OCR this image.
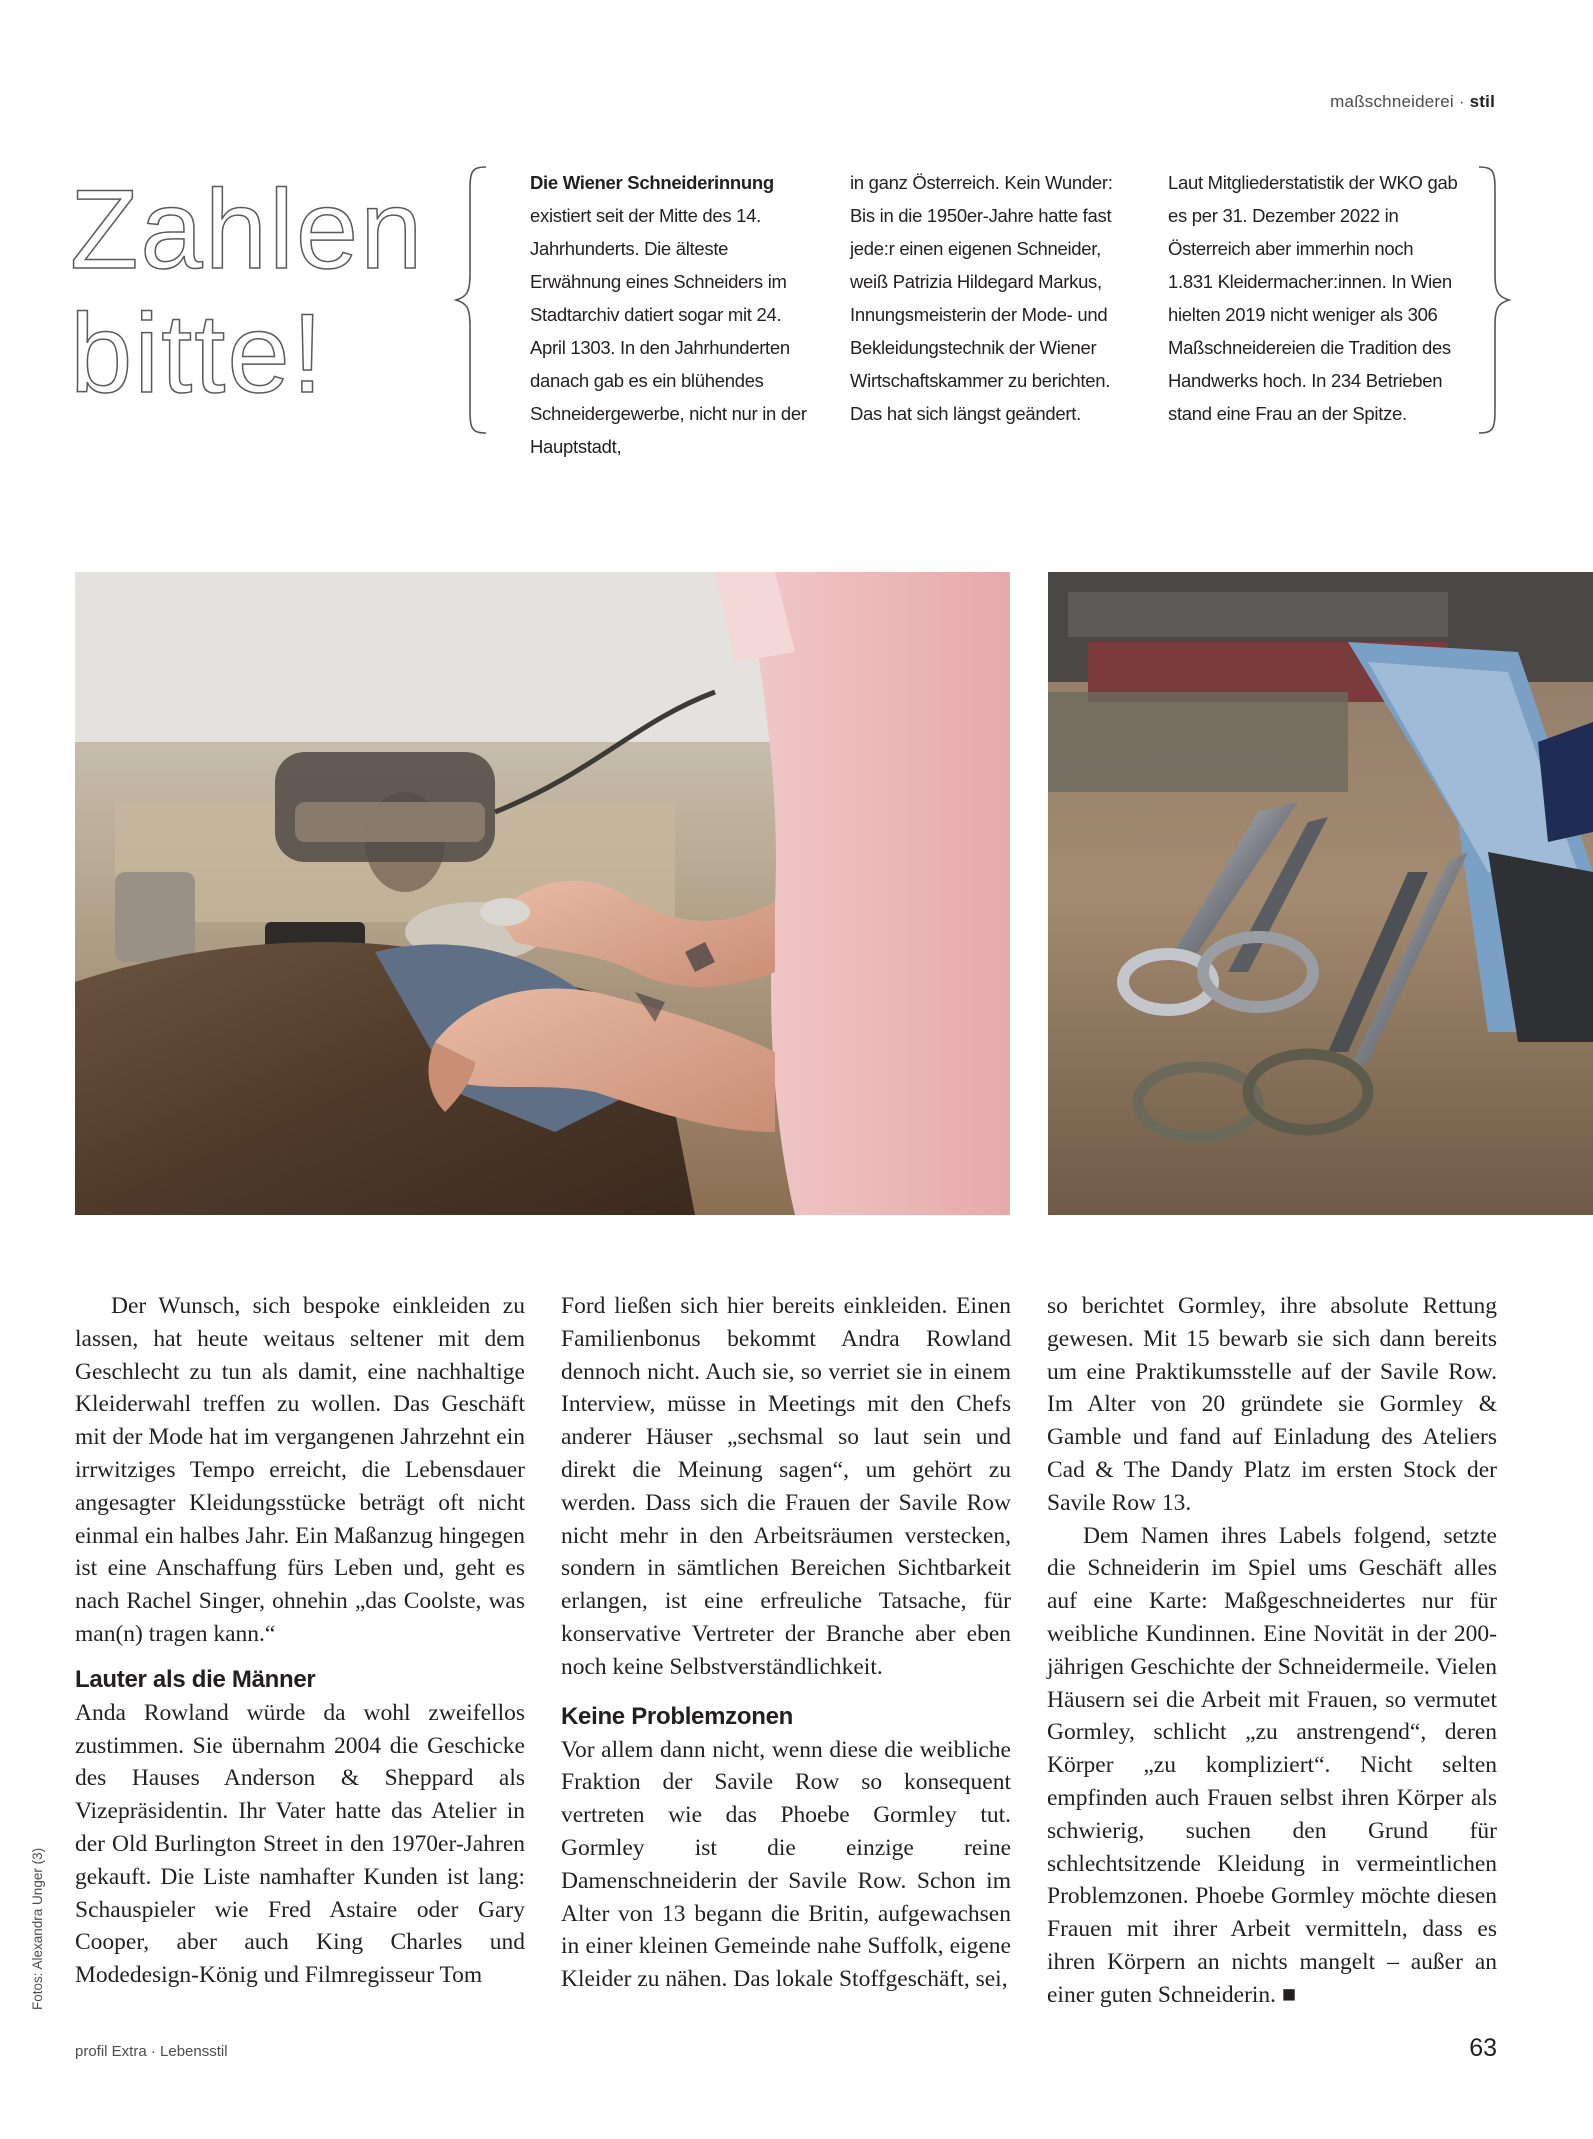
maßschneiderei · stil
Zahlen
bitte!
Die Wiener Schneiderinnung
existiert seit der Mitte des 14. Jahrhunderts. Die älteste Erwähnung eines Schneiders im Stadtarchiv datiert sogar mit 24. April 1303. In den Jahrhunderten danach gab es ein blühendes Schneidergewerbe, nicht nur in der Hauptstadt,
in ganz Österreich. Kein Wunder: Bis in die 1950er-Jahre hatte fast jede:r einen eigenen Schneider, weiß Patrizia Hildegard Markus, Innungsmeisterin der Mode- und Bekleidungstechnik der Wiener Wirtschaftskammer zu berichten. Das hat sich längst geändert.
Laut Mitgliederstatistik der WKO gab es per 31. Dezember 2022 in Österreich aber immerhin noch 1.831 Kleidermacher:innen. In Wien hielten 2019 nicht weniger als 306 Maßschneidereien die Tradition des Handwerks hoch. In 234 Betrieben stand eine Frau an der Spitze.

Der Wunsch, sich bespoke einkleiden zu lassen, hat heute weitaus seltener mit dem Geschlecht zu tun als damit, eine nachhaltige Kleiderwahl treffen zu wollen. Das Geschäft mit der Mode hat im vergangenen Jahrzehnt ein irrwitziges Tempo erreicht, die Lebensdauer angesagter Kleidungsstücke beträgt oft nicht einmal ein halbes Jahr. Ein Maßanzug hingegen ist eine Anschaffung fürs Leben und, geht es nach Rachel Singer, ohnehin „das Coolste, was man(n) tragen kann.“

Lauter als die Männer

Anda Rowland würde da wohl zweifellos zustimmen. Sie übernahm 2004 die Geschicke des Hauses Anderson & Sheppard als Vizepräsidentin. Ihr Vater hatte das Atelier in der Old Burlington Street in den 1970er-Jahren gekauft. Die Liste namhafter Kunden ist lang: Schauspieler wie Fred Astaire oder Gary Cooper, aber auch King Charles und Modedesign-König und Filmregisseur Tom

Ford ließen sich hier bereits einkleiden. Einen Familienbonus bekommt Andra Rowland dennoch nicht. Auch sie, so verriet sie in einem Interview, müsse in Meetings mit den Chefs anderer Häuser „sechsmal so laut sein und direkt die Meinung sagen“, um gehört zu werden. Dass sich die Frauen der Savile Row nicht mehr in den Arbeitsräumen verstecken, sondern in sämtlichen Bereichen Sichtbarkeit erlangen, ist eine erfreuliche Tatsache, für konservative Vertreter der Branche aber eben noch keine Selbstverständlichkeit.

Keine Problemzonen

Vor allem dann nicht, wenn diese die weibliche Fraktion der Savile Row so konsequent vertreten wie das Phoebe Gormley tut. Gormley ist die einzige reine Damenschneiderin der Savile Row. Schon im Alter von 13 begann die Britin, aufgewachsen in einer kleinen Gemeinde nahe Suffolk, eigene Kleider zu nähen. Das lokale Stoffgeschäft, sei,

so berichtet Gormley, ihre absolute Rettung gewesen. Mit 15 bewarb sie sich dann bereits um eine Praktikumsstelle auf der Savile Row. Im Alter von 20 gründete sie Gormley & Gamble und fand auf Einladung des Ateliers Cad & The Dandy Platz im ersten Stock der Savile Row 13.

Dem Namen ihres Labels folgend, setzte die Schneiderin im Spiel ums Geschäft alles auf eine Karte: Maßgeschneidertes nur für weibliche Kundinnen. Eine Novität in der 200-jährigen Geschichte der Schneidermeile. Vielen Häusern sei die Arbeit mit Frauen, so vermutet Gormley, schlicht „zu anstrengend“, deren Körper „zu kompliziert“. Nicht selten empfinden auch Frauen selbst ihren Körper als schwierig, suchen den Grund für schlechtsitzende Kleidung in vermeintlichen Problemzonen. Phoebe Gormley möchte diesen Frauen mit ihrer Arbeit vermitteln, dass es ihren Körpern an nichts mangelt – außer an einer guten Schneiderin. ■

Fotos: Alexandra Unger (3)
profil Extra · Lebensstil	63
